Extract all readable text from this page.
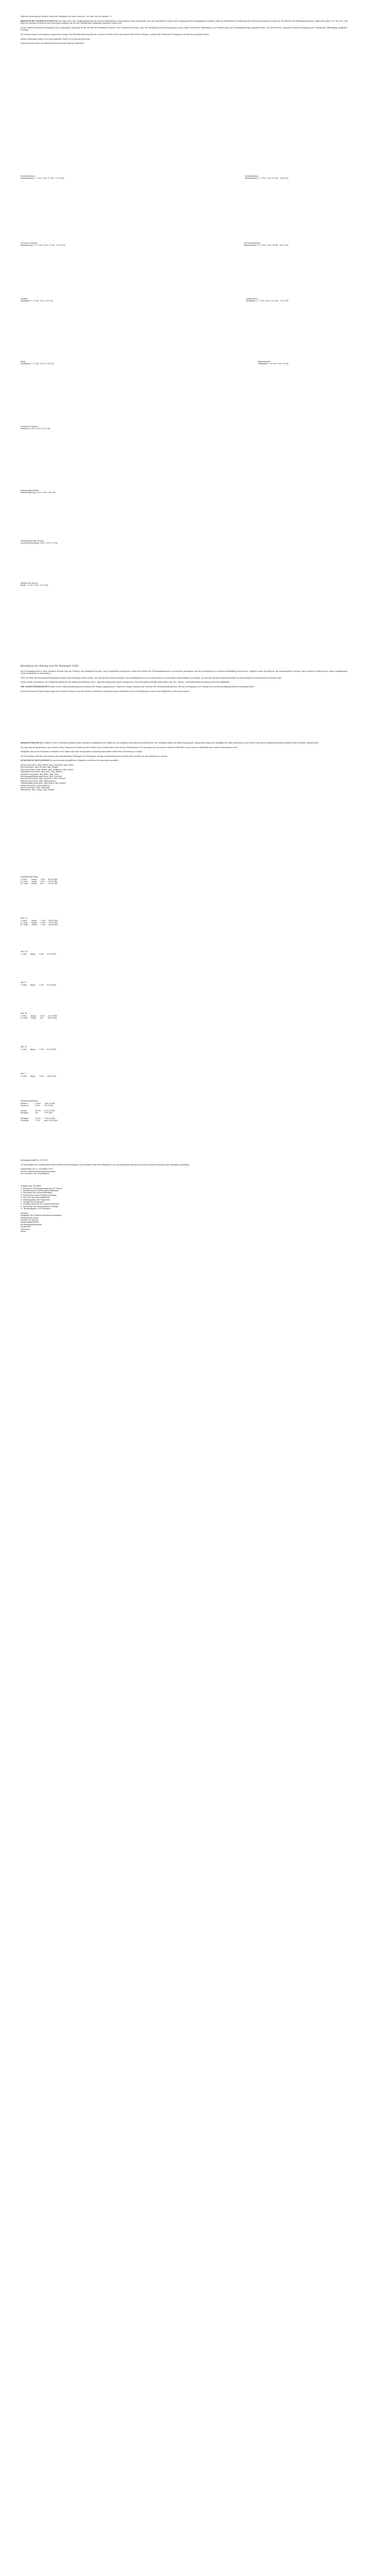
Weiterer Beratung und Schluss: Abruf der Mitglieder im Sinne versehen - Art und Vorst im Einzeln 1.0
RHEINISCHE TAGEBLATTZEITUNG Im Zuge einer vom Landesministerium des Innern eingeleiteten Untersuchung wurde festgestellt, dass der Haushalt der Stadt in den vergangenen Rechnungsjahren mehrfach ohne die erforderliche Zustimmung der Vertretung erweitert worden ist. Der Bericht der Prüfungskommission umfasst die Jahre 1927 bis 1931 und führt die einzelnen Posten in einer besonderen Anlage auf, die der Öffentlichkeit zugänglich gemacht werden soll.
In der Stadtverordnetenversammlung vom vergangenen Dienstag wurde der Bericht ausführlich erörtert. Der Vorsitzende betonte, dass die Verwaltung die Beanstandungen ernst nehme und bereits Maßnahmen zur Verbesserung der Rechnungsführung eingeleitet habe. Die Vertreter der Opposition forderten dagegen eine vollständige Offenlegung sämtlicher Verträge.
Die Sitzung wurde nach längerer Aussprache vertagt. Eine Beschlussfassung über die weiteren Schritte soll in der kommenden Woche erfolgen, nachdem die Fraktionen Gelegenheit zur Beratung erhalten haben.
Weitere Meldungen finden Sie auf den folgenden Seiten im Anhang des Berichtes.
Dieser Bericht wurde vom Arbeitsausschuss für die Sitzung vorbereitet.
Erste Beisitzerin
Hindenburgstr. 5, 7 Nov. 1930, 15 Uhr - 13.30 Uhr
Protokollführer
Hindenburgstr. 5, 7 Nov. 1930, 16 Uhr - 18.45 Uhr
Der erste Vorsteher
Hindenburgstr. 5, 17 Nov. 1930, 11 Uhr - 10.30 Uhr
Die Schriftführerin
Hindenburgstr. 5, 17 Nov. 1930, 14 Uhr - 16.00 Uhr
Direktor
Marktplatz 1, 17 Nov. 1930, 9.00 Uhr
Stellvertreter
Marktplatz 1, 17 Nov. 1930, 9.30 Uhr - 11.00 Uhr
Stadt
Marktplatz 1, 17 Nov. 1930, 13.00 Uhr
Bürgermeister
Marktplatz 1, 19 Nov. 1930, 10 Uhr
Landrat des Kreises
Kreishaus, 2 Dez. 1930, 11.00 Uhr
Regierungspräsident
Bezirksregierung, 4 Dez. 1930, 9.45 Uhr
Oberpräsident der Provinz
Provinzialverwaltung, 8 Dez. 1930, 10 Uhr
Minister des Innern
Berlin, 12 Dez. 1930, 11.30 Uhr
Beschlüsse der Sitzung vom 18. Dezember 1930
Die Versammlung hat in ihrer heutigen Sitzung über die Vorlagen des Magistrats beraten. Nach eingehender Aussprache wurde der Bericht der Prüfungskommission zur Kenntnis genommen und den Ausschüssen zur weiteren Behandlung überwiesen. Zugleich wurde beschlossen, die beanstandeten Verträge einer erneuten Prüfung durch einen unabhängigen Sachverständigen zu unterziehen.
Über die Höhe der Nachtragsbewilligungen konnte keine Einigung erzielt werden. Die Verwaltung wurde beauftragt, eine Aufstellung der bis zum Jahresende zu erwartenden Mehrausgaben vorzulegen, aus der die einzelnen Haushaltsstellen und die jeweiligen Deckungsmittel ersichtlich sind.
Ferner wurde beschlossen, die Gebührenordnung für die städtischen Betriebe zum 1. April des kommenden Jahres anzupassen. Die Neuregelung betrifft insbesondere die Gas-, Wasser- und Elektrizitätsversorgung sowie die Müllabfuhr.
DIE STADTVERORDNETEN haben in der Schlussabstimmung mit Mehrheit die Vorlage angenommen. Gegen die Vorlage stimmten die Vertreter der Minderheitsfraktionen, die eine Vertagung bis zur Vorlage des Sachverständigengutachtens beantragt hatten.
Nach Abschluss der Tagesordnung gab der Vorsteher bekannt, dass die nächste ordentliche Sitzung im Januar stattfinden wird. Die Einladungen werden den Mitgliedern rechtzeitig zugehen.
BEKANNTMACHUNG Gemäß § 14 der Geschäftsordnung werden hiermit die Ergebnisse der Wahlen zu den ständigen Ausschüssen veröffentlicht. Die Gewählten haben die Wahl angenommen. Einsprüche gegen die Gültigkeit der Wahl sind binnen zwei Wochen nach dieser Bekanntmachung schriftlich beim Vorsteher einzureichen.
Die Ausschüsse konstituieren sich in ihrer ersten Sitzung und wählen aus ihrer Mitte einen Vorsitzenden sowie dessen Stellvertreter. Die Sitzungen der Ausschüsse sind nicht öffentlich, soweit nicht im Einzelfall etwas anderes beschlossen wird.
Mitglieder, die an der Teilnahme verhindert sind, haben dies dem Vorsitzenden rechtzeitig mitzuteilen und für ihre Vertretung zu sorgen.
Die Verwaltung stellt den Ausschüssen die erforderlichen Unterlagen zur Verfügung. Anträge auf Akteneinsicht sind über den Vorsteher an den Magistrat zu richten.
AUSSCHUSS-MITGLIEDER Die nachstehend aufgeführten Mitglieder wurden in die Ausschüsse gewählt:
Finanz-Ausschuss: Abg. Müller, Abg. Schneider, Abg. Weber
Bau-Ausschuss: Abg. Fischer, Abg. Wagner
Schul-Ausschuss: Abg. Becker, Abg. Hoffmann, Abg. Schulz
Wohlfahrts-Ausschuss: Abg. Koch, Abg. Richter
Verkehrs-Ausschuss: Abg. Klein, Abg. Wolf
Rechnungsprüfungs-Ausschuss: Abg. Schröder
Personal-Ausschuss: Abg. Neumann, Abg. Schwarz
Betriebs-Ausschuss: Abg. Zimmermann
Wahlprüfungs-Ausschuss: Abg. Braun, Abg. Krüger
Kultur-Ausschuss: Abg. Hofmann
Sport-Ausschuss: Abg. Hartmann
Ältestenrat: Abg. Lange, Abg. Schmitt
Haushalt Abteilung
I. Ordn.	Haupt.	2.000	400,00 RM
II. Ordn.	Haupt.	1.500	250,00 RM
III. Ordn.	Haupt.	800	120,00 RM
Abt. I A
I. Ordn.	Haupt.	3.000	540,00 RM
II. Ordn.	Haupt.	2.500	375,00 RM
III. Ordn.	Neben.	1.200	180,00 RM
Abt. I B
I. Ordn.	Haupt.	1.800	310,00 RM
Abt. II
I. Ordn.	Haupt.	2.200	420,00 RM
Abt. III
I. Ordn.	Haupt.	1.600	290,00 RM
II. Ordn.	Neben.	900	145,00 RM
Abt. IV
I. Ordn.	Haupt.	2.800	510,00 RM
Abt. V
I. Ordn.	Haupt.	1.400	240,00 RM
Zusammenstellung
Summe I		13.800	2.485,00 RM
Summe II		4.900	770,00 RM

Gesamt		18.700	3.255,00 RM
Rücklage		500	75,00 RM

Verfügbar		18.200	3.180,00 RM
Nachtrag		1.200	zzgl. 180,00 RM
Sitzungsprotokoll Nr. 47/1930
Die Richtigkeit der vorstehenden Niederschrift wird bescheinigt. Das Protokoll wurde den Mitgliedern zur Kenntnisnahme übersandt und in der nächsten Sitzung ohne Einwände genehmigt.
Ausgefertigt am 22. Dezember 1930
Für die Stadtverordnetenversammlung
Der Vorsteher Der Schriftführer
Anlagen zum Protokoll
1. Bericht der Prüfungskommission (47 Seiten)
2. Aufstellung der Nachtragsbewilligungen
3. Gutachten des Sachverständigen
4. Entwurf der neuen Gebührenordnung
5. Liste der Ausschussmitglieder
6. Stellungnahme des Magistrats
7. Anträge der Fraktionen
8. Schriftwechsel mit der Aufsichtsbehörde
9. Verzeichnis der beanstandeten Verträge
10. Haushaltsplan 1931 (Entwurf)
Verteiler
Mitglieder der Stadtverordnetenversammlung
Magistrat der Stadt
Landrat des Kreises
Regierungspräsident
Rechnungsprüfungsamt
Stadtarchiv
Presseamt
Akten
